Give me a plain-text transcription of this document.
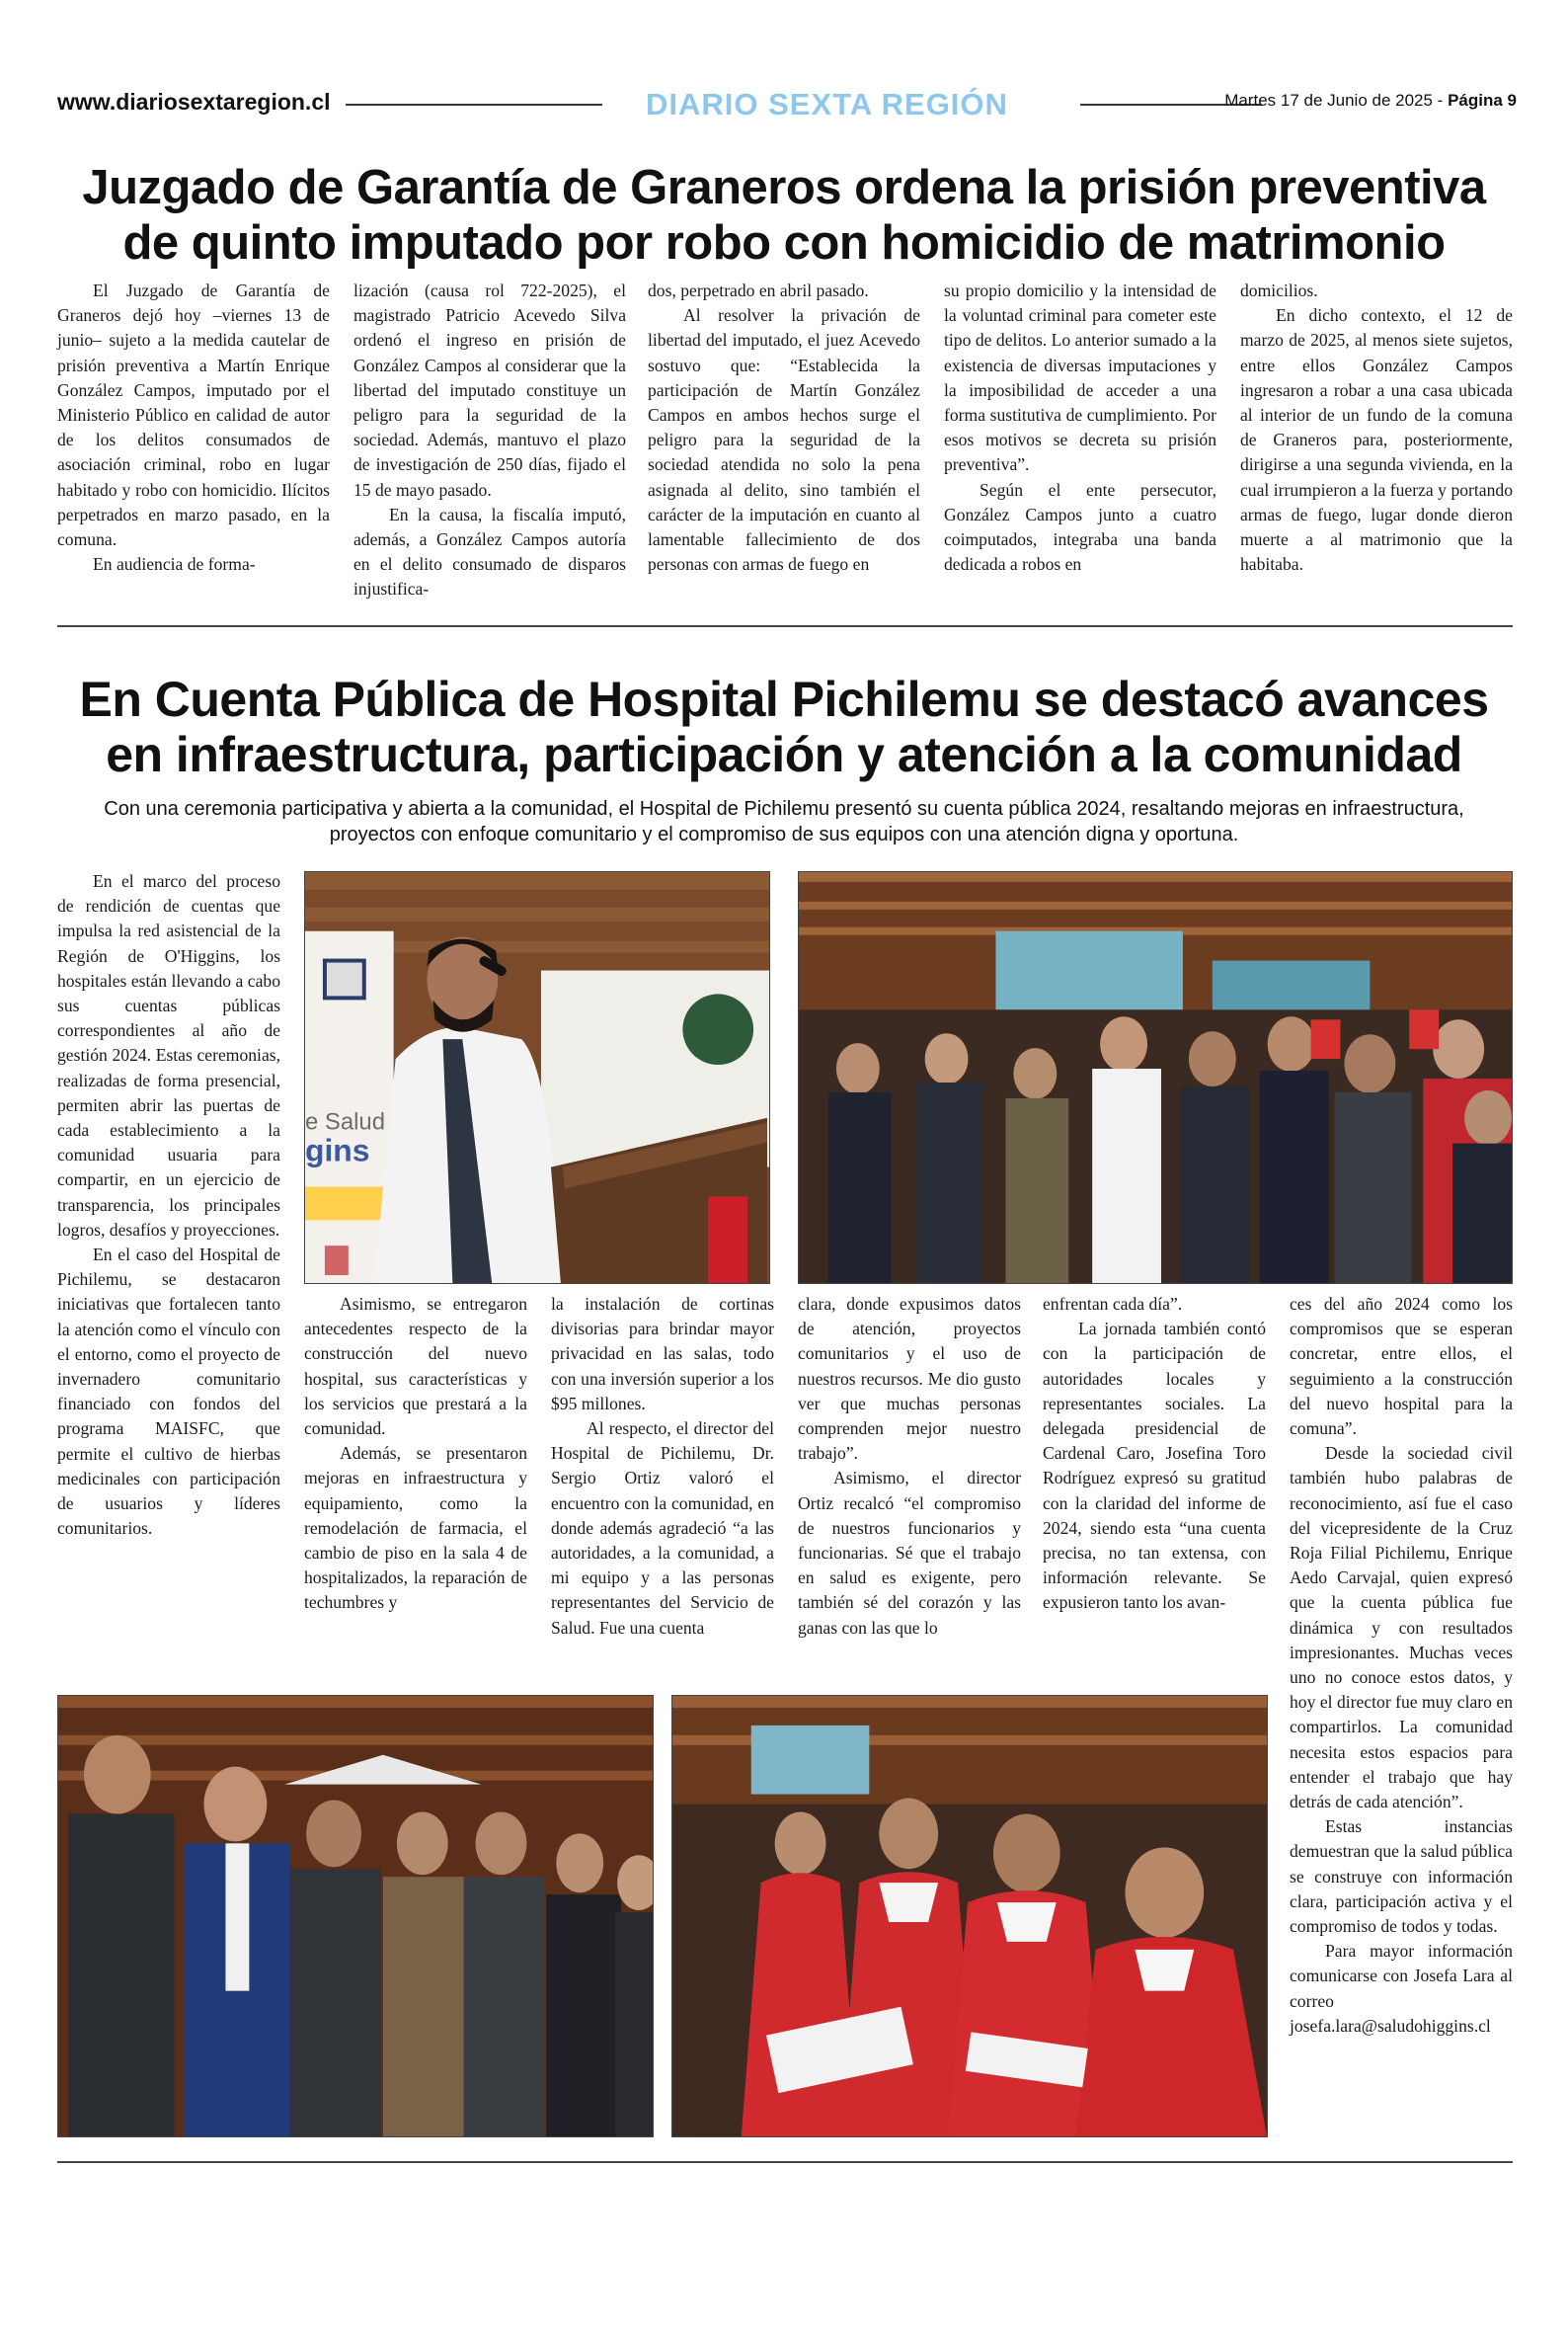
www.diariosextaregion.cl	DIARIO SEXTA REGIÓN	Martes 17 de Junio de 2025 - Página 9
Juzgado de Garantía de Graneros ordena la prisión preventiva
de quinto imputado por robo con homicidio de matrimonio

El Juzgado de Garantía de Graneros dejó hoy –viernes 13 de junio– sujeto a la medida cautelar de prisión preventiva a Martín Enrique González Campos, imputado por el Ministerio Público en calidad de autor de los delitos consumados de asociación criminal, robo en lugar habitado y robo con homicidio. Ilícitos perpetrados en marzo pasado, en la comuna.

En audiencia de forma-

lización (causa rol 722-2025), el magistrado Patricio Acevedo Silva ordenó el ingreso en prisión de González Campos al considerar que la libertad del imputado constituye un peligro para la seguridad de la sociedad. Además, mantuvo el plazo de investigación de 250 días, fijado el 15 de mayo pasado.

En la causa, la fiscalía imputó, además, a González Campos autoría en el delito consumado de disparos injustifica-

dos, perpetrado en abril pasado.

Al resolver la privación de libertad del imputado, el juez Acevedo sostuvo que: “Establecida la participación de Martín González Campos en ambos hechos surge el peligro para la seguridad de la sociedad atendida no solo la pena asignada al delito, sino también el carácter de la imputación en cuanto al lamentable fallecimiento de dos personas con armas de fuego en

su propio domicilio y la intensidad de la voluntad criminal para cometer este tipo de delitos. Lo anterior sumado a la existencia de diversas imputaciones y la imposibilidad de acceder a una forma sustitutiva de cumplimiento. Por esos motivos se decreta su prisión preventiva”.

Según el ente persecutor, González Campos junto a cuatro coimputados, integraba una banda dedicada a robos en

domicilios.

En dicho contexto, el 12 de marzo de 2025, al menos siete sujetos, entre ellos González Campos ingresaron a robar a una casa ubicada al interior de un fundo de la comuna de Graneros para, posteriormente, dirigirse a una segunda vivienda, en la cual irrumpieron a la fuerza y portando armas de fuego, lugar donde dieron muerte a al matrimonio que la habitaba.

En Cuenta Pública de Hospital Pichilemu se destacó avances
en infraestructura, participación y atención a la comunidad
Con una ceremonia participativa y abierta a la comunidad, el Hospital de Pichilemu presentó su cuenta pública 2024, resaltando mejoras en infraestructura,
proyectos con enfoque comunitario y el compromiso de sus equipos con una atención digna y oportuna.

En el marco del proceso de rendición de cuentas que impulsa la red asistencial de la Región de O'Higgins, los hospitales están llevando a cabo sus cuentas públicas correspondientes al año de gestión 2024. Estas ceremonias, realizadas de forma presencial, permiten abrir las puertas de cada establecimiento a la comunidad usuaria para compartir, en un ejercicio de transparencia, los principales logros, desafíos y proyecciones.

En el caso del Hospital de Pichilemu, se destacaron iniciativas que fortalecen tanto la atención como el vínculo con el entorno, como el proyecto de invernadero comunitario financiado con fondos del programa MAISFC, que permite el cultivo de hierbas medicinales con participación de usuarios y líderes comunitarios.

e Salud
gins

Asimismo, se entregaron antecedentes respecto de la construcción del nuevo hospital, sus características y los servicios que prestará a la comunidad.

Además, se presentaron mejoras en infraestructura y equipamiento, como la remodelación de farmacia, el cambio de piso en la sala 4 de hospitalizados, la reparación de techumbres y

la instalación de cortinas divisorias para brindar mayor privacidad en las salas, todo con una inversión superior a los $95 millones.

Al respecto, el director del Hospital de Pichilemu, Dr. Sergio Ortiz valoró el encuentro con la comunidad, en donde además agradeció “a las autoridades, a la comunidad, a mi equipo y a las personas representantes del Servicio de Salud. Fue una cuenta

clara, donde expusimos datos de atención, proyectos comunitarios y el uso de nuestros recursos. Me dio gusto ver que muchas personas comprenden mejor nuestro trabajo”.

Asimismo, el director Ortiz recalcó “el compromiso de nuestros funcionarios y funcionarias. Sé que el trabajo en salud es exigente, pero también sé del corazón y las ganas con las que lo

enfrentan cada día”.

La jornada también contó con la participación de autoridades locales y representantes sociales. La delegada presidencial de Cardenal Caro, Josefina Toro Rodríguez expresó su gratitud con la claridad del informe de 2024, siendo esta “una cuenta precisa, no tan extensa, con información relevante. Se expusieron tanto los avan-

ces del año 2024 como los compromisos que se esperan concretar, entre ellos, el seguimiento a la construcción del nuevo hospital para la comuna”.

Desde la sociedad civil también hubo palabras de reconocimiento, así fue el caso del vicepresidente de la Cruz Roja Filial Pichilemu, Enrique Aedo Carvajal, quien expresó que la cuenta pública fue dinámica y con resultados impresionantes. Muchas veces uno no conoce estos datos, y hoy el director fue muy claro en compartirlos. La comunidad necesita estos espacios para entender el trabajo que hay detrás de cada atención”.

Estas instancias demuestran que la salud pública se construye con información clara, participación activa y el compromiso de todos y todas.

Para mayor información comunicarse con Josefa Lara al correo josefa.lara@saludohiggins.cl
